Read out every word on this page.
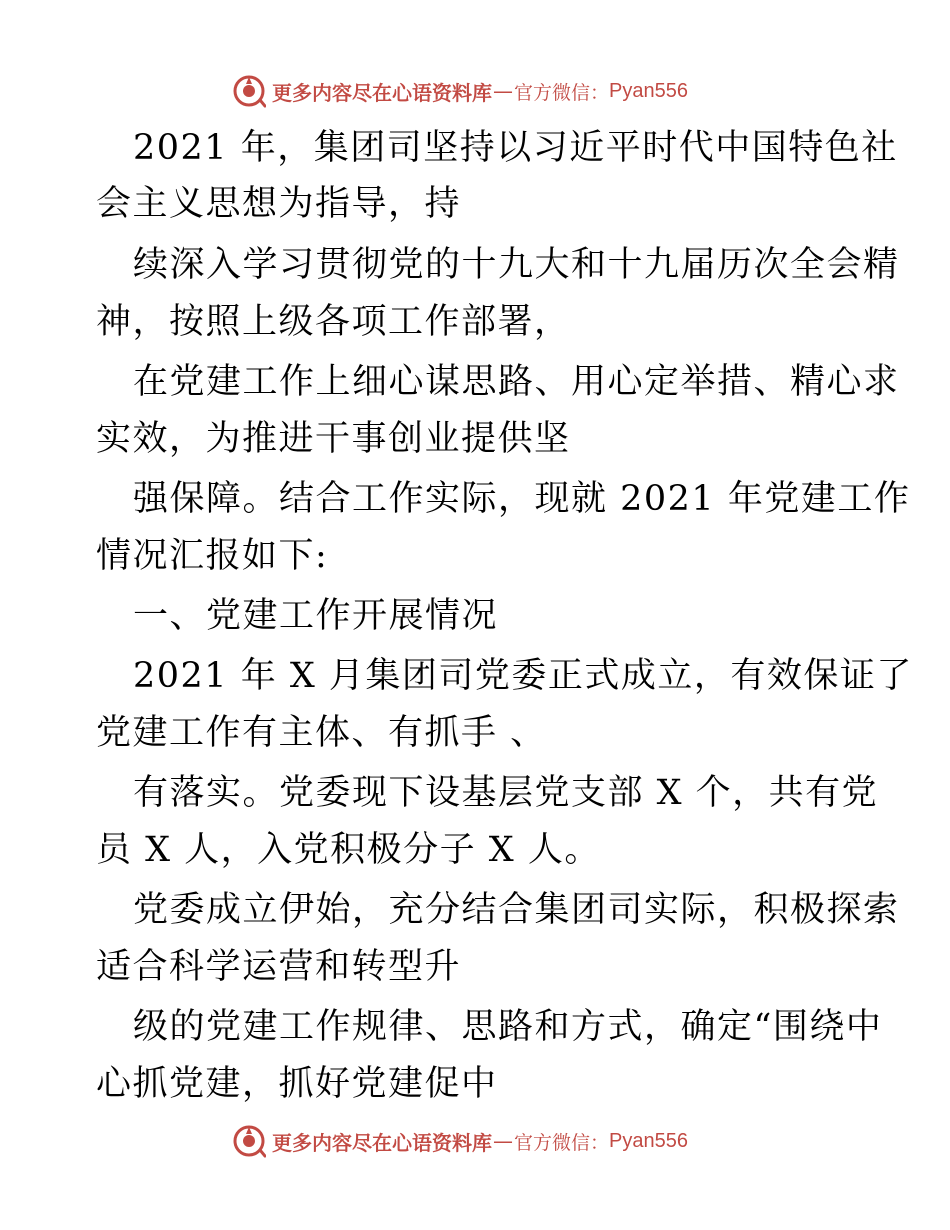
更多内容尽在心语资料库 — 官方微信： Pyan556
2021 年，集团司坚持以习近平时代中国特色社
会主义思想为指导，持
续深入学习贯彻党的十九大和十九届历次全会精
神，按照上级各项工作部署，
在党建工作上细心谋思路、用心定举措、精心求
实效，为推进干事创业提供坚
强保障。结合工作实际，现就 2021 年党建工作
情况汇报如下:
一、党建工作开展情况
2021 年 X 月集团司党委正式成立，有效保证了
党建工作有主体、有抓手 、
有落实。党委现下设基层党支部 X 个，共有党
员 X 人，入党积极分子 X 人。
党委成立伊始，充分结合集团司实际，积极探索
适合科学运营和转型升
级的党建工作规律、思路和方式，确定“围绕中
心抓党建，抓好党建促中
更多内容尽在心语资料库 — 官方微信： Pyan556
